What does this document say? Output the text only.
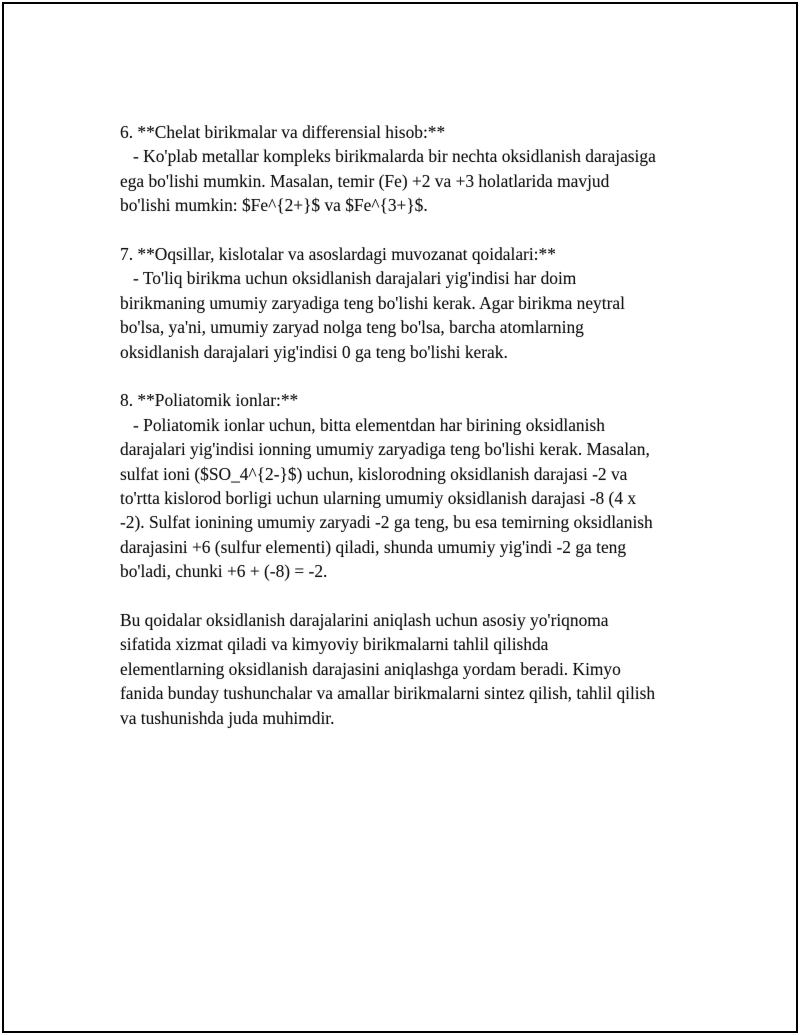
6. **Chelat birikmalar va differensial hisob:**
- Ko'plab metallar kompleks birikmalarda bir nechta oksidlanish darajasiga
ega bo'lishi mumkin. Masalan, temir (Fe) +2 va +3 holatlarida mavjud
bo'lishi mumkin: $Fe^{2+}$ va $Fe^{3+}$.
7. **Oqsillar, kislotalar va asoslardagi muvozanat qoidalari:**
- To'liq birikma uchun oksidlanish darajalari yig'indisi har doim
birikmaning umumiy zaryadiga teng bo'lishi kerak. Agar birikma neytral
bo'lsa, ya'ni, umumiy zaryad nolga teng bo'lsa, barcha atomlarning
oksidlanish darajalari yig'indisi 0 ga teng bo'lishi kerak.
8. **Poliatomik ionlar:**
- Poliatomik ionlar uchun, bitta elementdan har birining oksidlanish
darajalari yig'indisi ionning umumiy zaryadiga teng bo'lishi kerak. Masalan,
sulfat ioni ($SO_4^{2-}$) uchun, kislorodning oksidlanish darajasi -2 va
to'rtta kislorod borligi uchun ularning umumiy oksidlanish darajasi -8 (4 x
-2). Sulfat ionining umumiy zaryadi -2 ga teng, bu esa temirning oksidlanish
darajasini +6 (sulfur elementi) qiladi, shunda umumiy yig'indi -2 ga teng
bo'ladi, chunki +6 + (-8) = -2.
Bu qoidalar oksidlanish darajalarini aniqlash uchun asosiy yo'riqnoma
sifatida xizmat qiladi va kimyoviy birikmalarni tahlil qilishda
elementlarning oksidlanish darajasini aniqlashga yordam beradi. Kimyo
fanida bunday tushunchalar va amallar birikmalarni sintez qilish, tahlil qilish
va tushunishda juda muhimdir.
